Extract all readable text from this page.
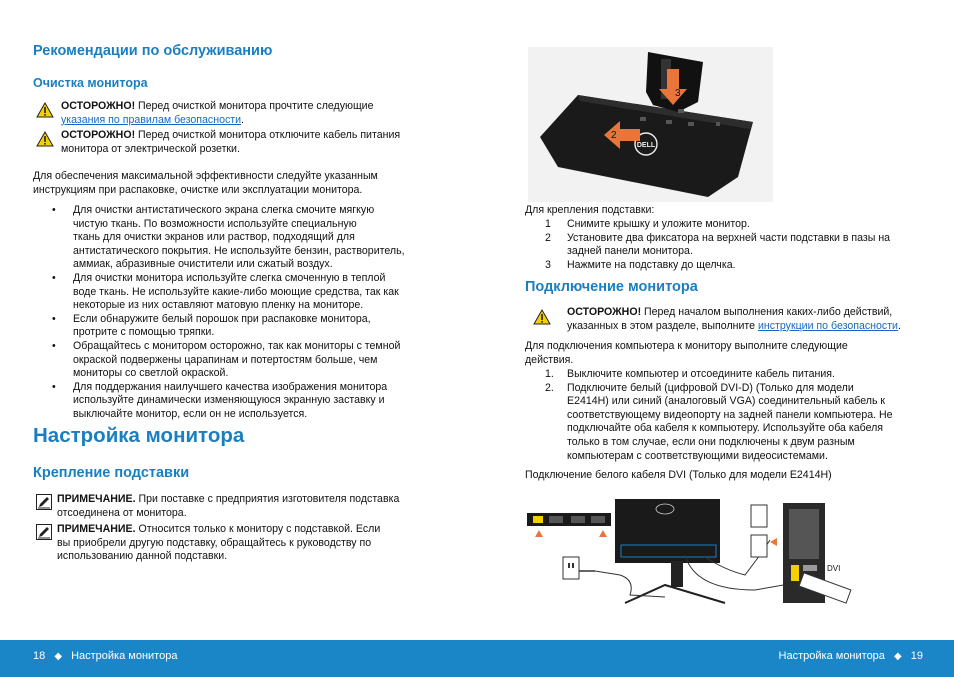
Рекомендации по обслуживанию
Очистка монитора
ОСТОРОЖНО! Перед очисткой монитора прочтите следующие
указания по правилам безопасности.
ОСТОРОЖНО! Перед очисткой монитора отключите кабель питания
монитора от электрической розетки.
Для обеспечения максимальной эффективности следуйте указанным
инструкциям при распаковке, очистке или эксплуатации монитора.
• Для очистки антистатического экрана слегка смочите мягкую
чистую ткань. По возможности используйте специальную
ткань для очистки экранов или раствор, подходящий для
антистатического покрытия. Не используйте бензин, растворитель,
аммиак, абразивные очистители или сжатый воздух.
• Для очистки монитора используйте слегка смоченную в теплой
воде ткань. Не используйте какие-либо моющие средства, так как
некоторые из них оставляют матовую пленку на мониторе.
• Если обнаружите белый порошок при распаковке монитора,
протрите с помощью тряпки.
• Обращайтесь с монитором осторожно, так как мониторы с темной
окраской подвержены царапинам и потертостям больше, чем
мониторы со светлой окраской.
• Для поддержания наилучшего качества изображения монитора
используйте динамически изменяющуюся экранную заставку и
выключайте монитор, если он не используется.
Настройка монитора
Крепление подставки
ПРИМЕЧАНИЕ. При поставке с предприятия изготовителя подставка
отсоединена от монитора.
ПРИМЕЧАНИЕ. Относится только к монитору с подставкой. Если
вы приобрели другую подставку, обращайтесь к руководству по
использованию данной подставки.
DELL
3
2
Для крепления подставки:
1 Снимите крышку и уложите монитор.
2 Установите два фиксатора на верхней части подставки в пазы на
задней панели монитора.
3 Нажмите на подставку до щелчка.
Подключение монитора
ОСТОРОЖНО! Перед началом выполнения каких-либо действий,
указанных в этом разделе, выполните инструкции по безопасности.
Для подключения компьютера к монитору выполните следующие
действия.
1. Выключите компьютер и отсоедините кабель питания.
2. Подключите белый (цифровой DVI-D) (Только для модели
E2414H) или синий (аналоговый VGA) соединительный кабель к
соответствующему видеопорту на задней панели компьютера. Не
подключайте оба кабеля к компьютеру. Используйте оба кабеля
только в том случае, если они подключены к двум разным
компьютерам с соответствующими видеосистемами.
Подключение белого кабеля DVI (Только для модели E2414H)
DVI
18 ◆ Настройка монитора	Настройка монитора ◆ 19
